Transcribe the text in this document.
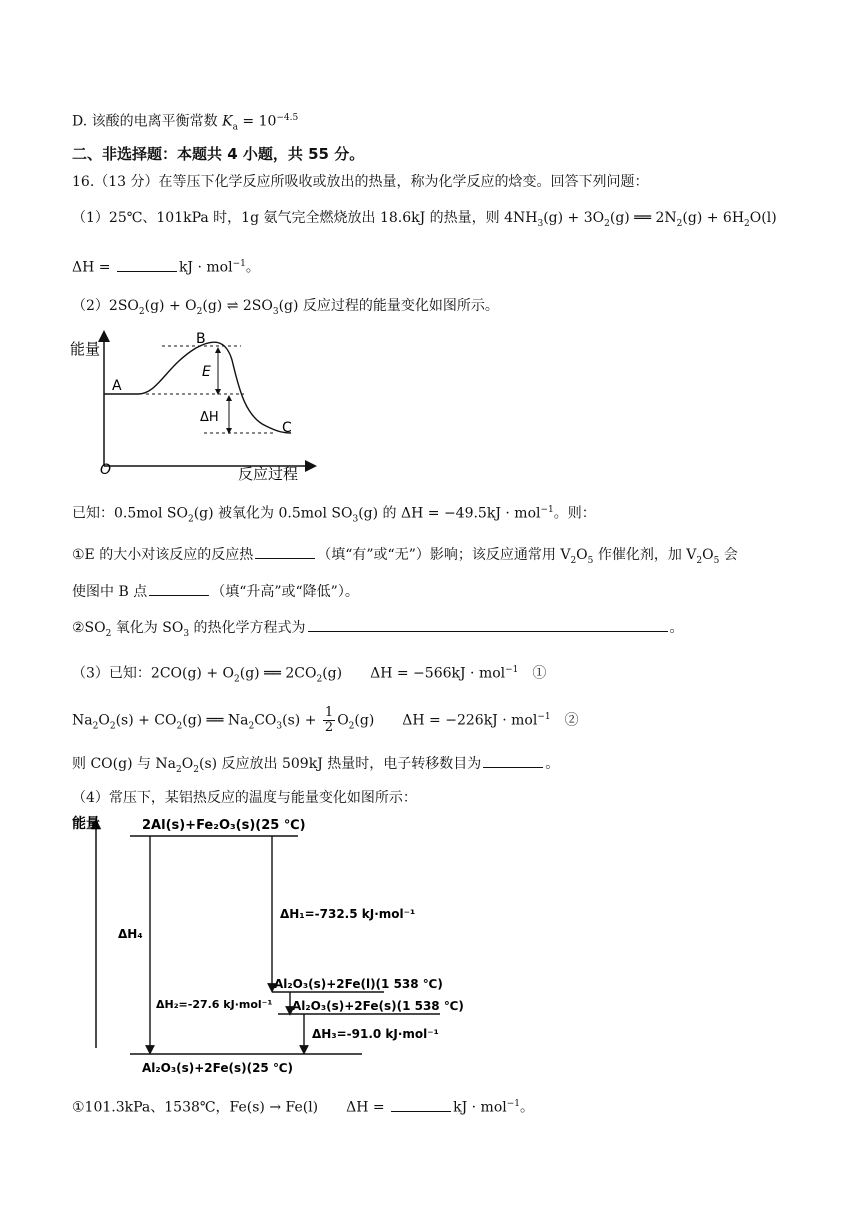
D. 该酸的电离平衡常数 $K_a = 10^{-4.5}$
二、非选择题：本题共 4 小题，共 55 分。
16.（13 分）在等压下化学反应所吸收或放出的热量，称为化学反应的焓变。回答下列问题：
（1）25℃、101kPa 时，1g 氨气完全燃烧放出 18.6kJ 的热量，则 $4NH_3(g) + 3O_2(g)$ ══ $2N_2(g) + 6H_2O(l)$
ΔH =	kJ · mol$^{-1}$。
$(2)2SO_2(g) + O_2(g)$ ⇌ $2SO_3(g)$ 反应过程的能量变化如图所示。
能量
O	反应过程
A
B
C
E
ΔH
已知：0.5mol $SO_2(g)$ 被氧化为 0.5mol $SO_3(g)$ 的 ΔH = −49.5kJ · mol$^{-1}$。则：
①E 的大小对该反应的反应热	（填“有”或“无”）影响；该反应通常用 $V_2O_5$ 作催化剂，加 $V_2O_5$ 会
使图中 B 点	（填“升高”或“降低”）。
$②SO_2$ 氧化为 $SO_3$ 的热化学方程式为	。
（3）已知：$2CO(g) + O_2(g)$ ══ $2CO_2(g)$　　ΔH = −566kJ · mol$^{-1}$　①
$Na_2O_2(s) + CO_2(g)$ ══ $Na_2CO_3(s) + \frac{1}{2} O_2(g)$　　ΔH = −226kJ · mol$^{-1}$　②
则 CO(g) 与 $Na_2O_2(s)$ 反应放出 509kJ 热量时，电子转移数目为	。
（4）常压下，某铝热反应的温度与能量变化如图所示：
能量	2Al(s)+Fe₂O₃(s)(25 ℃)
Al₂O₃(s)+2Fe(l)(1 538 ℃)
Al₂O₃(s)+2Fe(s)(1 538 ℃)
Al₂O₃(s)+2Fe(s)(25 ℃)
ΔH₄
ΔH₁=-732.5 kJ·mol⁻¹
ΔH₂=-27.6 kJ·mol⁻¹
ΔH₃=-91.0 kJ·mol⁻¹
①101.3kPa、1538℃，Fe(s) → Fe(l)　　ΔH =	kJ · mol$^{-1}$。
